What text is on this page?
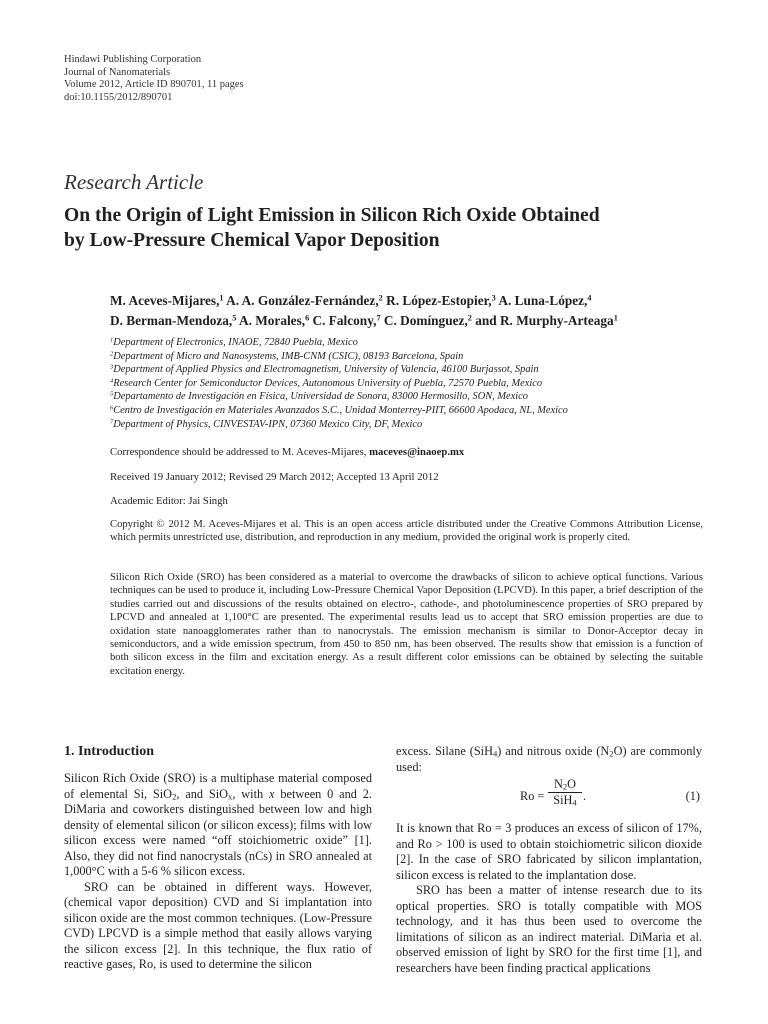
Hindawi Publishing Corporation
Journal of Nanomaterials
Volume 2012, Article ID 890701, 11 pages
doi:10.1155/2012/890701
Research Article
On the Origin of Light Emission in Silicon Rich Oxide Obtained
by Low-Pressure Chemical Vapor Deposition
M. Aceves-Mijares,$^1$ A. A. González-Fernández,$^2$ R. López-Estopier,$^3$ A. Luna-López,$^4$
D. Berman-Mendoza,$^5$ A. Morales,$^6$ C. Falcony,$^7$ C. Domínguez,$^2$ and R. Murphy-Arteaga$^1$
$^1$Department of Electronics, INAOE, 72840 Puebla, Mexico
$^2$Department of Micro and Nanosystems, IMB-CNM (CSIC), 08193 Barcelona, Spain
$^3$Department of Applied Physics and Electromagnetism, University of Valencia, 46100 Burjassot, Spain
$^4$Research Center for Semiconductor Devices, Autonomous University of Puebla, 72570 Puebla, Mexico
$^5$Departamento de Investigación en Física, Universidad de Sonora, 83000 Hermosillo, SON, Mexico
$^6$Centro de Investigación en Materiales Avanzados S.C., Unidad Monterrey-PIIT, 66600 Apodaca, NL, Mexico
$^7$Department of Physics, CINVESTAV-IPN, 07360 Mexico City, DF, Mexico
Correspondence should be addressed to M. Aceves-Mijares, maceves@inaoep.mx
Received 19 January 2012; Revised 29 March 2012; Accepted 13 April 2012
Academic Editor: Jai Singh
Copyright © 2012 M. Aceves-Mijares et al. This is an open access article distributed under the Creative Commons Attribution License, which permits unrestricted use, distribution, and reproduction in any medium, provided the original work is properly cited.
Silicon Rich Oxide (SRO) has been considered as a material to overcome the drawbacks of silicon to achieve optical functions. Various techniques can be used to produce it, including Low-Pressure Chemical Vapor Deposition (LPCVD). In this paper, a brief description of the studies carried out and discussions of the results obtained on electro-, cathode-, and photoluminescence properties of SRO prepared by LPCVD and annealed at 1,100°C are presented. The experimental results lead us to accept that SRO emission properties are due to oxidation state nanoagglomerates rather than to nanocrystals. The emission mechanism is similar to Donor-Acceptor decay in semiconductors, and a wide emission spectrum, from 450 to 850 nm, has been observed. The results show that emission is a function of both silicon excess in the film and excitation energy. As a result different color emissions can be obtained by selecting the suitable excitation energy.
1. Introduction

Silicon Rich Oxide (SRO) is a multiphase material composed of elemental Si, SiO$_2$, and SiO$_x$, with x between 0 and 2. DiMaria and coworkers distinguished between low and high density of elemental silicon (or silicon excess); films with low silicon excess were named “off stoichiometric oxide” [1]. Also, they did not find nanocrystals (nCs) in SRO annealed at 1,000°C with a 5-6 % silicon excess.

SRO can be obtained in different ways. However, (chemical vapor deposition) CVD and Si implantation into silicon oxide are the most common techniques. (Low-Pressure CVD) LPCVD is a simple method that easily allows varying the silicon excess [2]. In this technique, the flux ratio of reactive gases, Ro, is used to determine the silicon

excess. Silane (SiH$_4$) and nitrous oxide $(N_2O)$ are commonly used:

Ro =
$N_2O$
SiH$_4$ .	(1)

It is known that Ro = 3 produces an excess of silicon of 17%, and Ro > 100 is used to obtain stoichiometric silicon dioxide [2]. In the case of SRO fabricated by silicon implantation, silicon excess is related to the implantation dose.

SRO has been a matter of intense research due to its optical properties. SRO is totally compatible with MOS technology, and it has thus been used to overcome the limitations of silicon as an indirect material. DiMaria et al. observed emission of light by SRO for the first time [1], and researchers have been finding practical applications
